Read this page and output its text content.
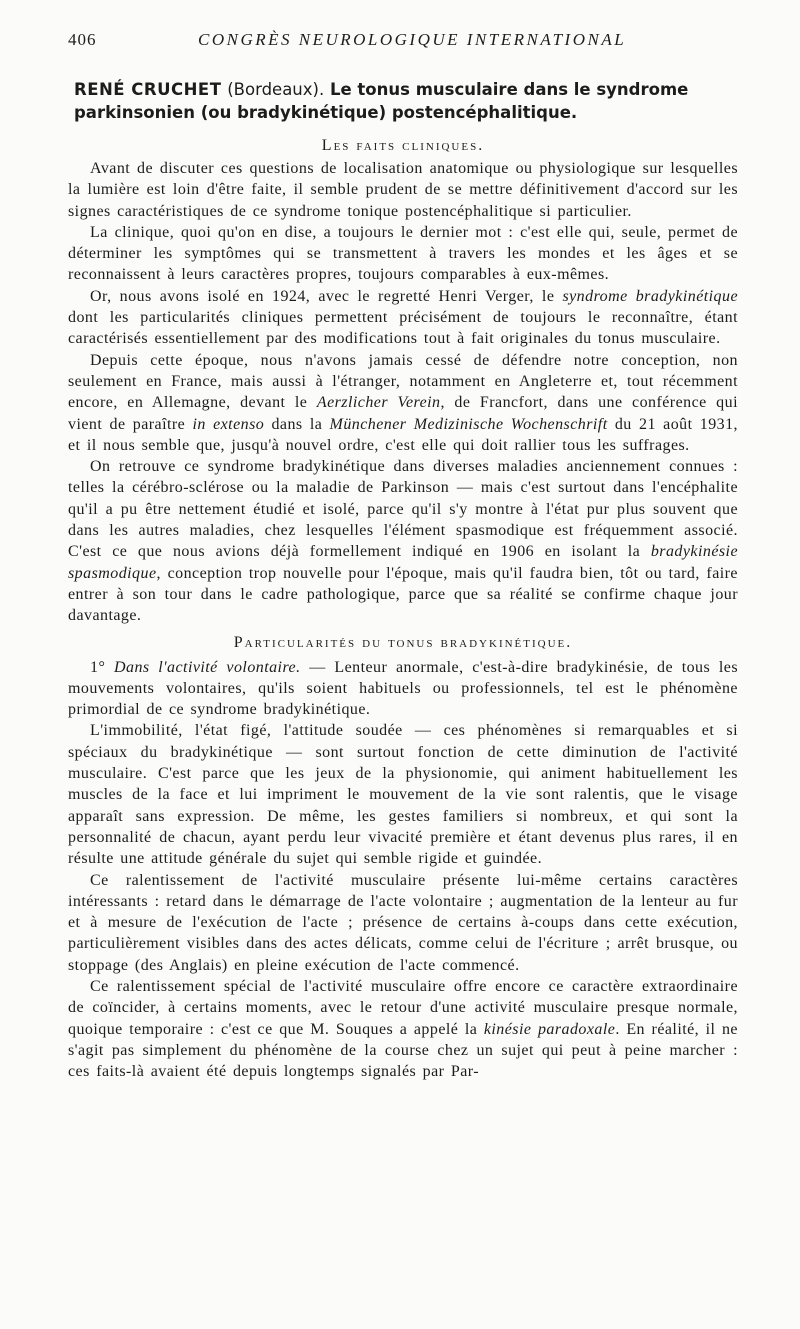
406	CONGRÈS NEUROLOGIQUE INTERNATIONAL
RENÉ CRUCHET (Bordeaux). Le tonus musculaire dans le syndrome parkinsonien (ou bradykinétique) postencéphalitique.
Les faits cliniques.

Avant de discuter ces questions de localisation anatomique ou physiologique sur lesquelles la lumière est loin d'être faite, il semble prudent de se mettre définitivement d'accord sur les signes caractéristiques de ce syndrome tonique postencéphalitique si particulier.

La clinique, quoi qu'on en dise, a toujours le dernier mot : c'est elle qui, seule, permet de déterminer les symptômes qui se transmettent à travers les mondes et les âges et se reconnaissent à leurs caractères propres, toujours comparables à eux-mêmes.

Or, nous avons isolé en 1924, avec le regretté Henri Verger, le syndrome bradykinétique dont les particularités cliniques permettent précisément de toujours le reconnaître, étant caractérisés essentiellement par des modifications tout à fait originales du tonus musculaire.

Depuis cette époque, nous n'avons jamais cessé de défendre notre conception, non seulement en France, mais aussi à l'étranger, notamment en Angleterre et, tout récemment encore, en Allemagne, devant le Aerzlicher Verein, de Francfort, dans une conférence qui vient de paraître in extenso dans la Münchener Medizinische Wochenschrift du 21 août 1931, et il nous semble que, jusqu'à nouvel ordre, c'est elle qui doit rallier tous les suffrages.

On retrouve ce syndrome bradykinétique dans diverses maladies anciennement connues : telles la cérébro-sclérose ou la maladie de Parkinson — mais c'est surtout dans l'encéphalite qu'il a pu être nettement étudié et isolé, parce qu'il s'y montre à l'état pur plus souvent que dans les autres maladies, chez lesquelles l'élément spasmodique est fréquemment associé. C'est ce que nous avions déjà formellement indiqué en 1906 en isolant la bradykinésie spasmodique, conception trop nouvelle pour l'époque, mais qu'il faudra bien, tôt ou tard, faire entrer à son tour dans le cadre pathologique, parce que sa réalité se confirme chaque jour davantage.

Particularités du tonus bradykinétique.

1° Dans l'activité volontaire. — Lenteur anormale, c'est-à-dire bradykinésie, de tous les mouvements volontaires, qu'ils soient habituels ou professionnels, tel est le phénomène primordial de ce syndrome bradykinétique.

L'immobilité, l'état figé, l'attitude soudée — ces phénomènes si remarquables et si spéciaux du bradykinétique — sont surtout fonction de cette diminution de l'activité musculaire. C'est parce que les jeux de la physionomie, qui animent habituellement les muscles de la face et lui impriment le mouvement de la vie sont ralentis, que le visage apparaît sans expression. De même, les gestes familiers si nombreux, et qui sont la personnalité de chacun, ayant perdu leur vivacité première et étant devenus plus rares, il en résulte une attitude générale du sujet qui semble rigide et guindée.

Ce ralentissement de l'activité musculaire présente lui-même certains caractères intéressants : retard dans le démarrage de l'acte volontaire ; augmentation de la lenteur au fur et à mesure de l'exécution de l'acte ; présence de certains à-coups dans cette exécution, particulièrement visibles dans des actes délicats, comme celui de l'écriture ; arrêt brusque, ou stoppage (des Anglais) en pleine exécution de l'acte commencé.

Ce ralentissement spécial de l'activité musculaire offre encore ce caractère extraordinaire de coïncider, à certains moments, avec le retour d'une activité musculaire presque normale, quoique temporaire : c'est ce que M. Souques a appelé la kinésie paradoxale. En réalité, il ne s'agit pas simplement du phénomène de la course chez un sujet qui peut à peine marcher : ces faits-là avaient été depuis longtemps signalés par Par-
